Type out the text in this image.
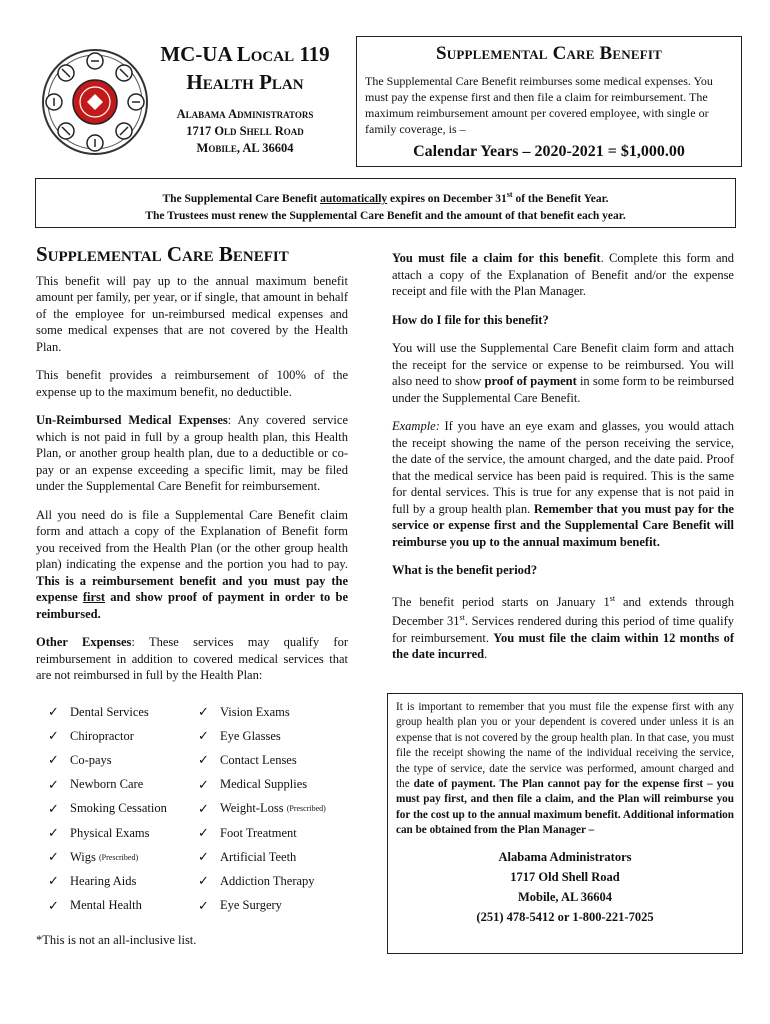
MC-UA Local 119
Health Plan
Alabama Administrators
1717 Old Shell Road
Mobile, AL 36604
Supplemental Care Benefit
The Supplemental Care Benefit reimburses some medical expenses. You must pay the expense first and then file a claim for reimbursement. The maximum reimbursement amount per covered employee, with single or family coverage, is –
Calendar Years – 2020-2021 = $1,000.00
The Supplemental Care Benefit automatically expires on December 31st of the Benefit Year.
The Trustees must renew the Supplemental Care Benefit and the amount of that benefit each year.
Supplemental Care Benefit

This benefit will pay up to the annual maximum benefit amount per family, per year, or if single, that amount in behalf of the employee for un-reimbursed medical expenses and some medical expenses that are not covered by the Health Plan.

This benefit provides a reimbursement of 100% of the expense up to the maximum benefit, no deductible.

Un-Reimbursed Medical Expenses: Any covered service which is not paid in full by a group health plan, this Health Plan, or another group health plan, due to a deductible or co-pay or an expense exceeding a specific limit, may be filed under the Supplemental Care Benefit for reimbursement.

All you need do is file a Supplemental Care Benefit claim form and attach a copy of the Explanation of Benefit form you received from the Health Plan (or the other group health plan) indicating the expense and the portion you had to pay. This is a reimbursement benefit and you must pay the expense first and show proof of payment in order to be reimbursed.

Other Expenses: These services may qualify for reimbursement in addition to covered medical services that are not reimbursed in full by the Health Plan:

✓ Dental Services	✓ Vision Exams
✓ Chiropractor	✓ Eye Glasses
✓ Co-pays	✓ Contact Lenses
✓ Newborn Care	✓ Medical Supplies
✓ Smoking Cessation ✓ Weight-Loss
(Prescribed)
✓ Physical Exams	✓ Foot Treatment
✓ Wigs
(Prescribed)	✓ Artificial Teeth
✓ Hearing Aids	✓ Addiction Therapy
✓ Mental Health	✓ Eye Surgery
*This is not an all-inclusive list.

You must file a claim for this benefit. Complete this form and attach a copy of the Explanation of Benefit and/or the expense receipt and file with the Plan Manager.

How do I file for this benefit?

You will use the Supplemental Care Benefit claim form and attach the receipt for the service or expense to be reimbursed. You will also need to show proof of payment in some form to be reimbursed under the Supplemental Care Benefit.

Example: If you have an eye exam and glasses, you would attach the receipt showing the name of the person receiving the service, the date of the service, the amount charged, and the date paid. Proof that the medical service has been paid is required. This is the same for dental services. This is true for any expense that is not paid in full by a group health plan. Remember that you must pay for the service or expense first and the Supplemental Care Benefit will reimburse you up to the annual maximum benefit.

What is the benefit period?

The benefit period starts on January 1st and extends through December 31st. Services rendered during this period of time qualify for reimbursement. You must file the claim within 12 months of the date incurred.

It is important to remember that you must file the expense first with any group health plan you or your dependent is covered under unless it is an expense that is not covered by the group health plan. In that case, you must file the receipt showing the name of the individual receiving the service, the type of service, date the service was performed, amount charged and the date of payment. The Plan cannot pay for the expense first – you must pay first, and then file a claim, and the Plan will reimburse you for the cost up to the annual maximum benefit. Additional information can be obtained from the Plan Manager –
Alabama Administrators
1717 Old Shell Road
Mobile, AL 36604
(251) 478-5412 or 1-800-221-7025
